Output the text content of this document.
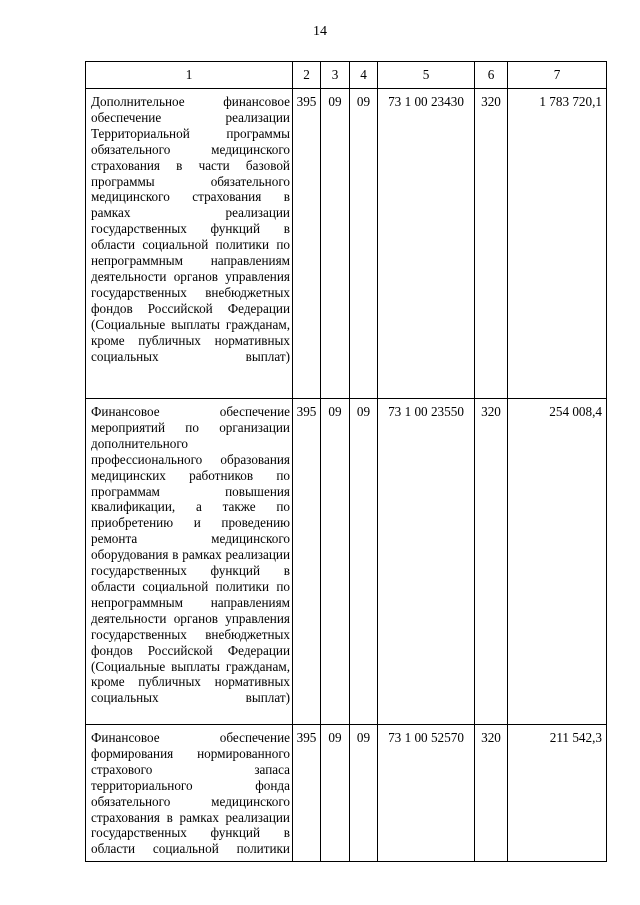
14
1	2	3	4	5	6	7
Дополнительное финансовое обеспечение реализации Территориальной программы обязательного медицинского страхования в части базовой программы обязательного медицинского страхования в рамках реализации государственных функций в области социальной политики по непрограммным направлениям деятельности органов управления государственных внебюджетных фондов Российской Федерации (Социальные выплаты гражданам, кроме публичных нормативных социальных выплат)	395	09	09	73 1 00 23430	320	1 783 720,1
Финансовое обеспечение мероприятий по организации дополнительного профессионального образования медицинских работников по программам повышения квалификации, а также по приобретению и проведению ремонта медицинского оборудования в рамках реализации государственных функций в области социальной политики по непрограммным направлениям деятельности органов управления государственных внебюджетных фондов Российской Федерации (Социальные выплаты гражданам, кроме публичных нормативных социальных выплат)	395	09	09	73 1 00 23550	320	254 008,4
Финансовое обеспечение формирования нормированного страхового запаса территориального фонда обязательного медицинского страхования в рамках реализации государственных функций в области социальной политики	395	09	09	73 1 00 52570	320	211 542,3
